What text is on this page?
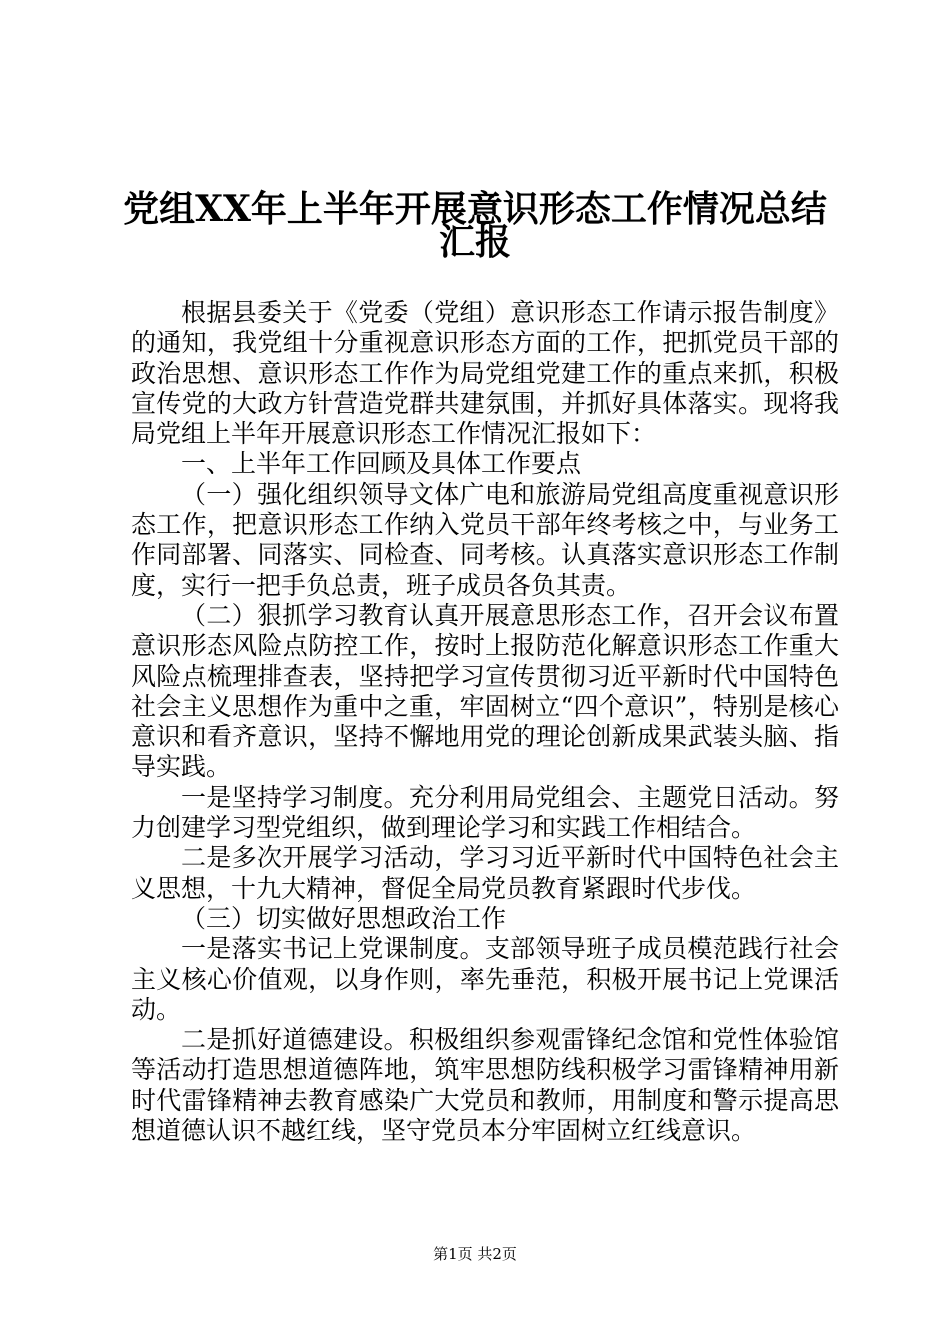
党组XX年上半年开展意识形态工作情况总结
汇报

根据县委关于《党委（党组）意识形态工作请示报告制度》的通知，我党组十分重视意识形态方面的工作，把抓党员干部的政治思想、意识形态工作作为局党组党建工作的重点来抓，积极宣传党的大政方针营造党群共建氛围，并抓好具体落实。现将我局党组上半年开展意识形态工作情况汇报如下：

一、上半年工作回顾及具体工作要点

（一）强化组织领导文体广电和旅游局党组高度重视意识形态工作，把意识形态工作纳入党员干部年终考核之中，与业务工作同部署、同落实、同检查、同考核。认真落实意识形态工作制度，实行一把手负总责，班子成员各负其责。

（二）狠抓学习教育认真开展意思形态工作，召开会议布置意识形态风险点防控工作，按时上报防范化解意识形态工作重大风险点梳理排查表，坚持把学习宣传贯彻习近平新时代中国特色社会主义思想作为重中之重，牢固树立“四个意识”，特别是核心意识和看齐意识，坚持不懈地用党的理论创新成果武装头脑、指导实践。

一是坚持学习制度。充分利用局党组会、主题党日活动。努力创建学习型党组织，做到理论学习和实践工作相结合。

二是多次开展学习活动，学习习近平新时代中国特色社会主义思想，十九大精神，督促全局党员教育紧跟时代步伐。

（三）切实做好思想政治工作

一是落实书记上党课制度。支部领导班子成员模范践行社会主义核心价值观，以身作则，率先垂范，积极开展书记上党课活动。

二是抓好道德建设。积极组织参观雷锋纪念馆和党性体验馆等活动打造思想道德阵地，筑牢思想防线积极学习雷锋精神用新时代雷锋精神去教育感染广大党员和教师，用制度和警示提高思想道德认识不越红线，坚守党员本分牢固树立红线意识。

第1页 共2页
